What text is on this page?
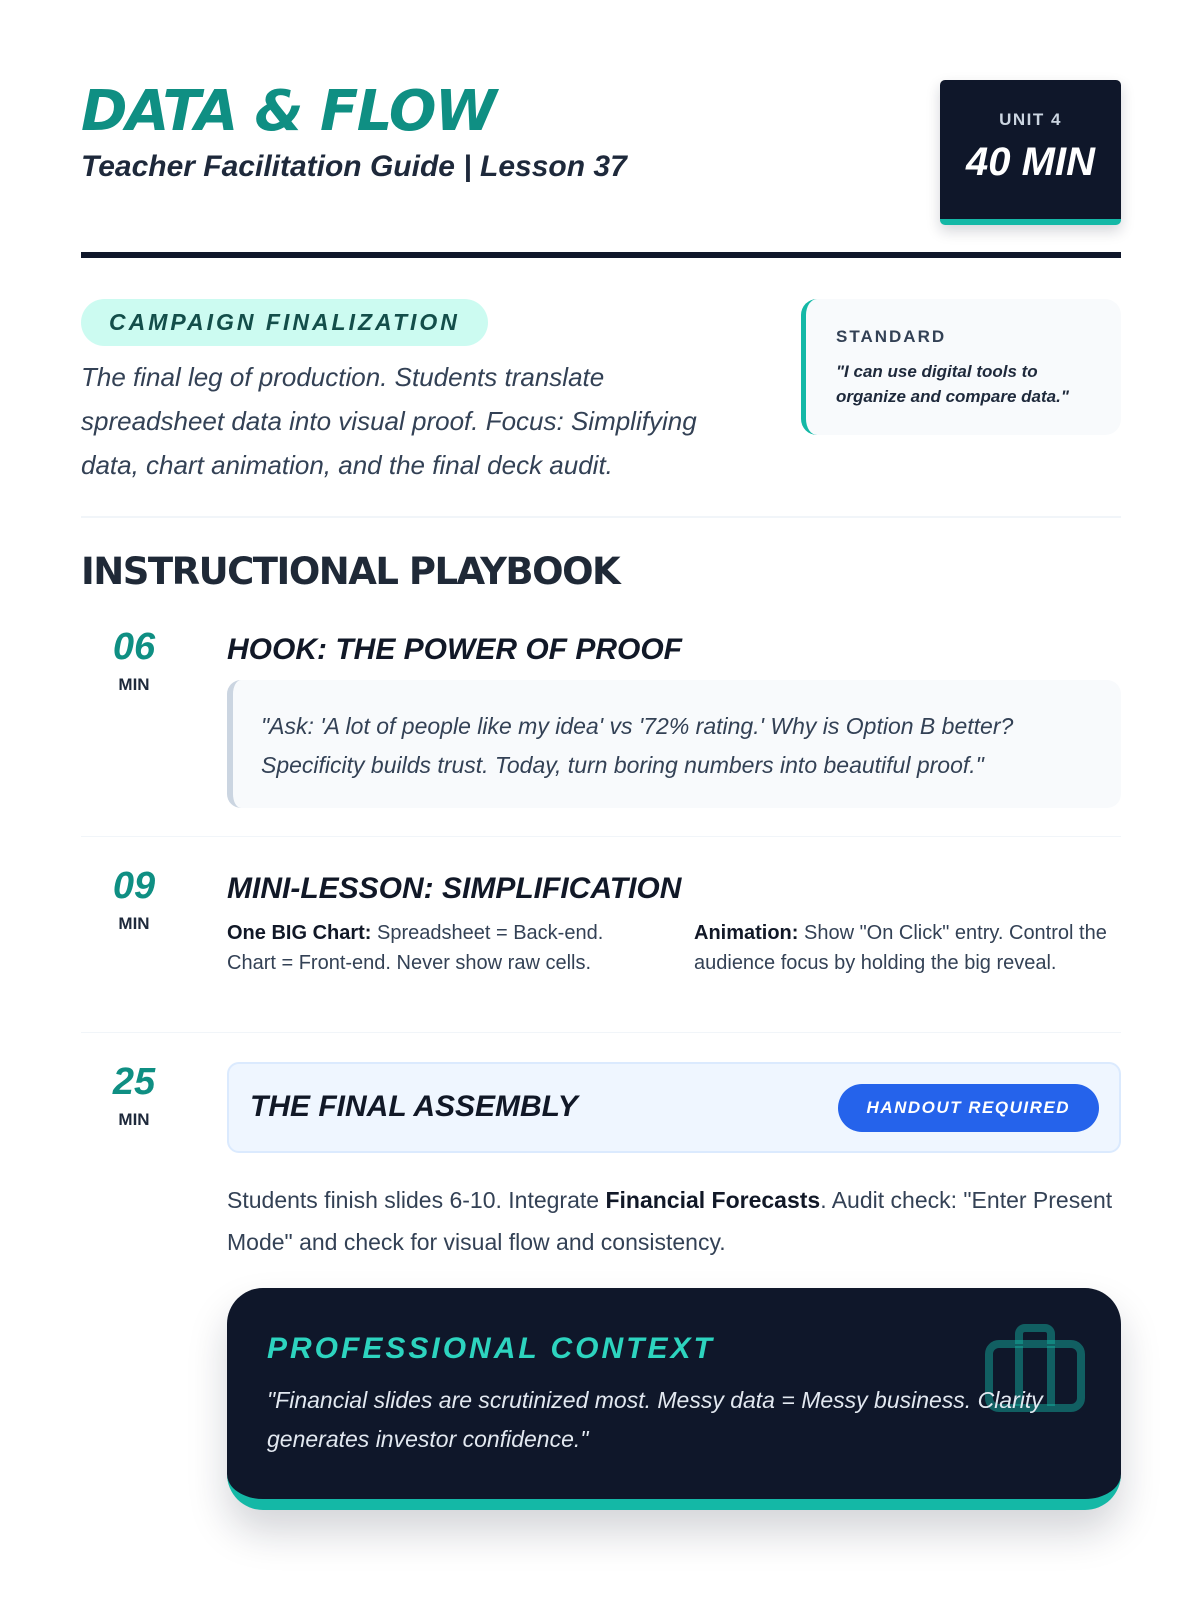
DATA & FLOW
Teacher Facilitation Guide | Lesson 37
UNIT 4
40 MIN
CAMPAIGN FINALIZATION
The final leg of production. Students translate spreadsheet data into visual proof. Focus: Simplifying data, chart animation, and the final deck audit.
STANDARD
"I can use digital tools to organize and compare data."
INSTRUCTIONAL PLAYBOOK
06
MIN
HOOK: THE POWER OF PROOF
"Ask: 'A lot of people like my idea' vs '72% rating.' Why is Option B better? Specificity builds trust. Today, turn boring numbers into beautiful proof."
09
MIN
MINI-LESSON: SIMPLIFICATION
One BIG Chart: Spreadsheet = Back-end. Chart = Front-end. Never show raw cells.
Animation: Show "On Click" entry. Control the audience focus by holding the big reveal.
25
MIN	THE FINAL ASSEMBLY	HANDOUT REQUIRED
Students finish slides 6-10. Integrate Financial Forecasts. Audit check: "Enter Present Mode" and check for visual flow and consistency.
PROFESSIONAL CONTEXT
"Financial slides are scrutinized most. Messy data = Messy business. Clarity generates investor confidence."
